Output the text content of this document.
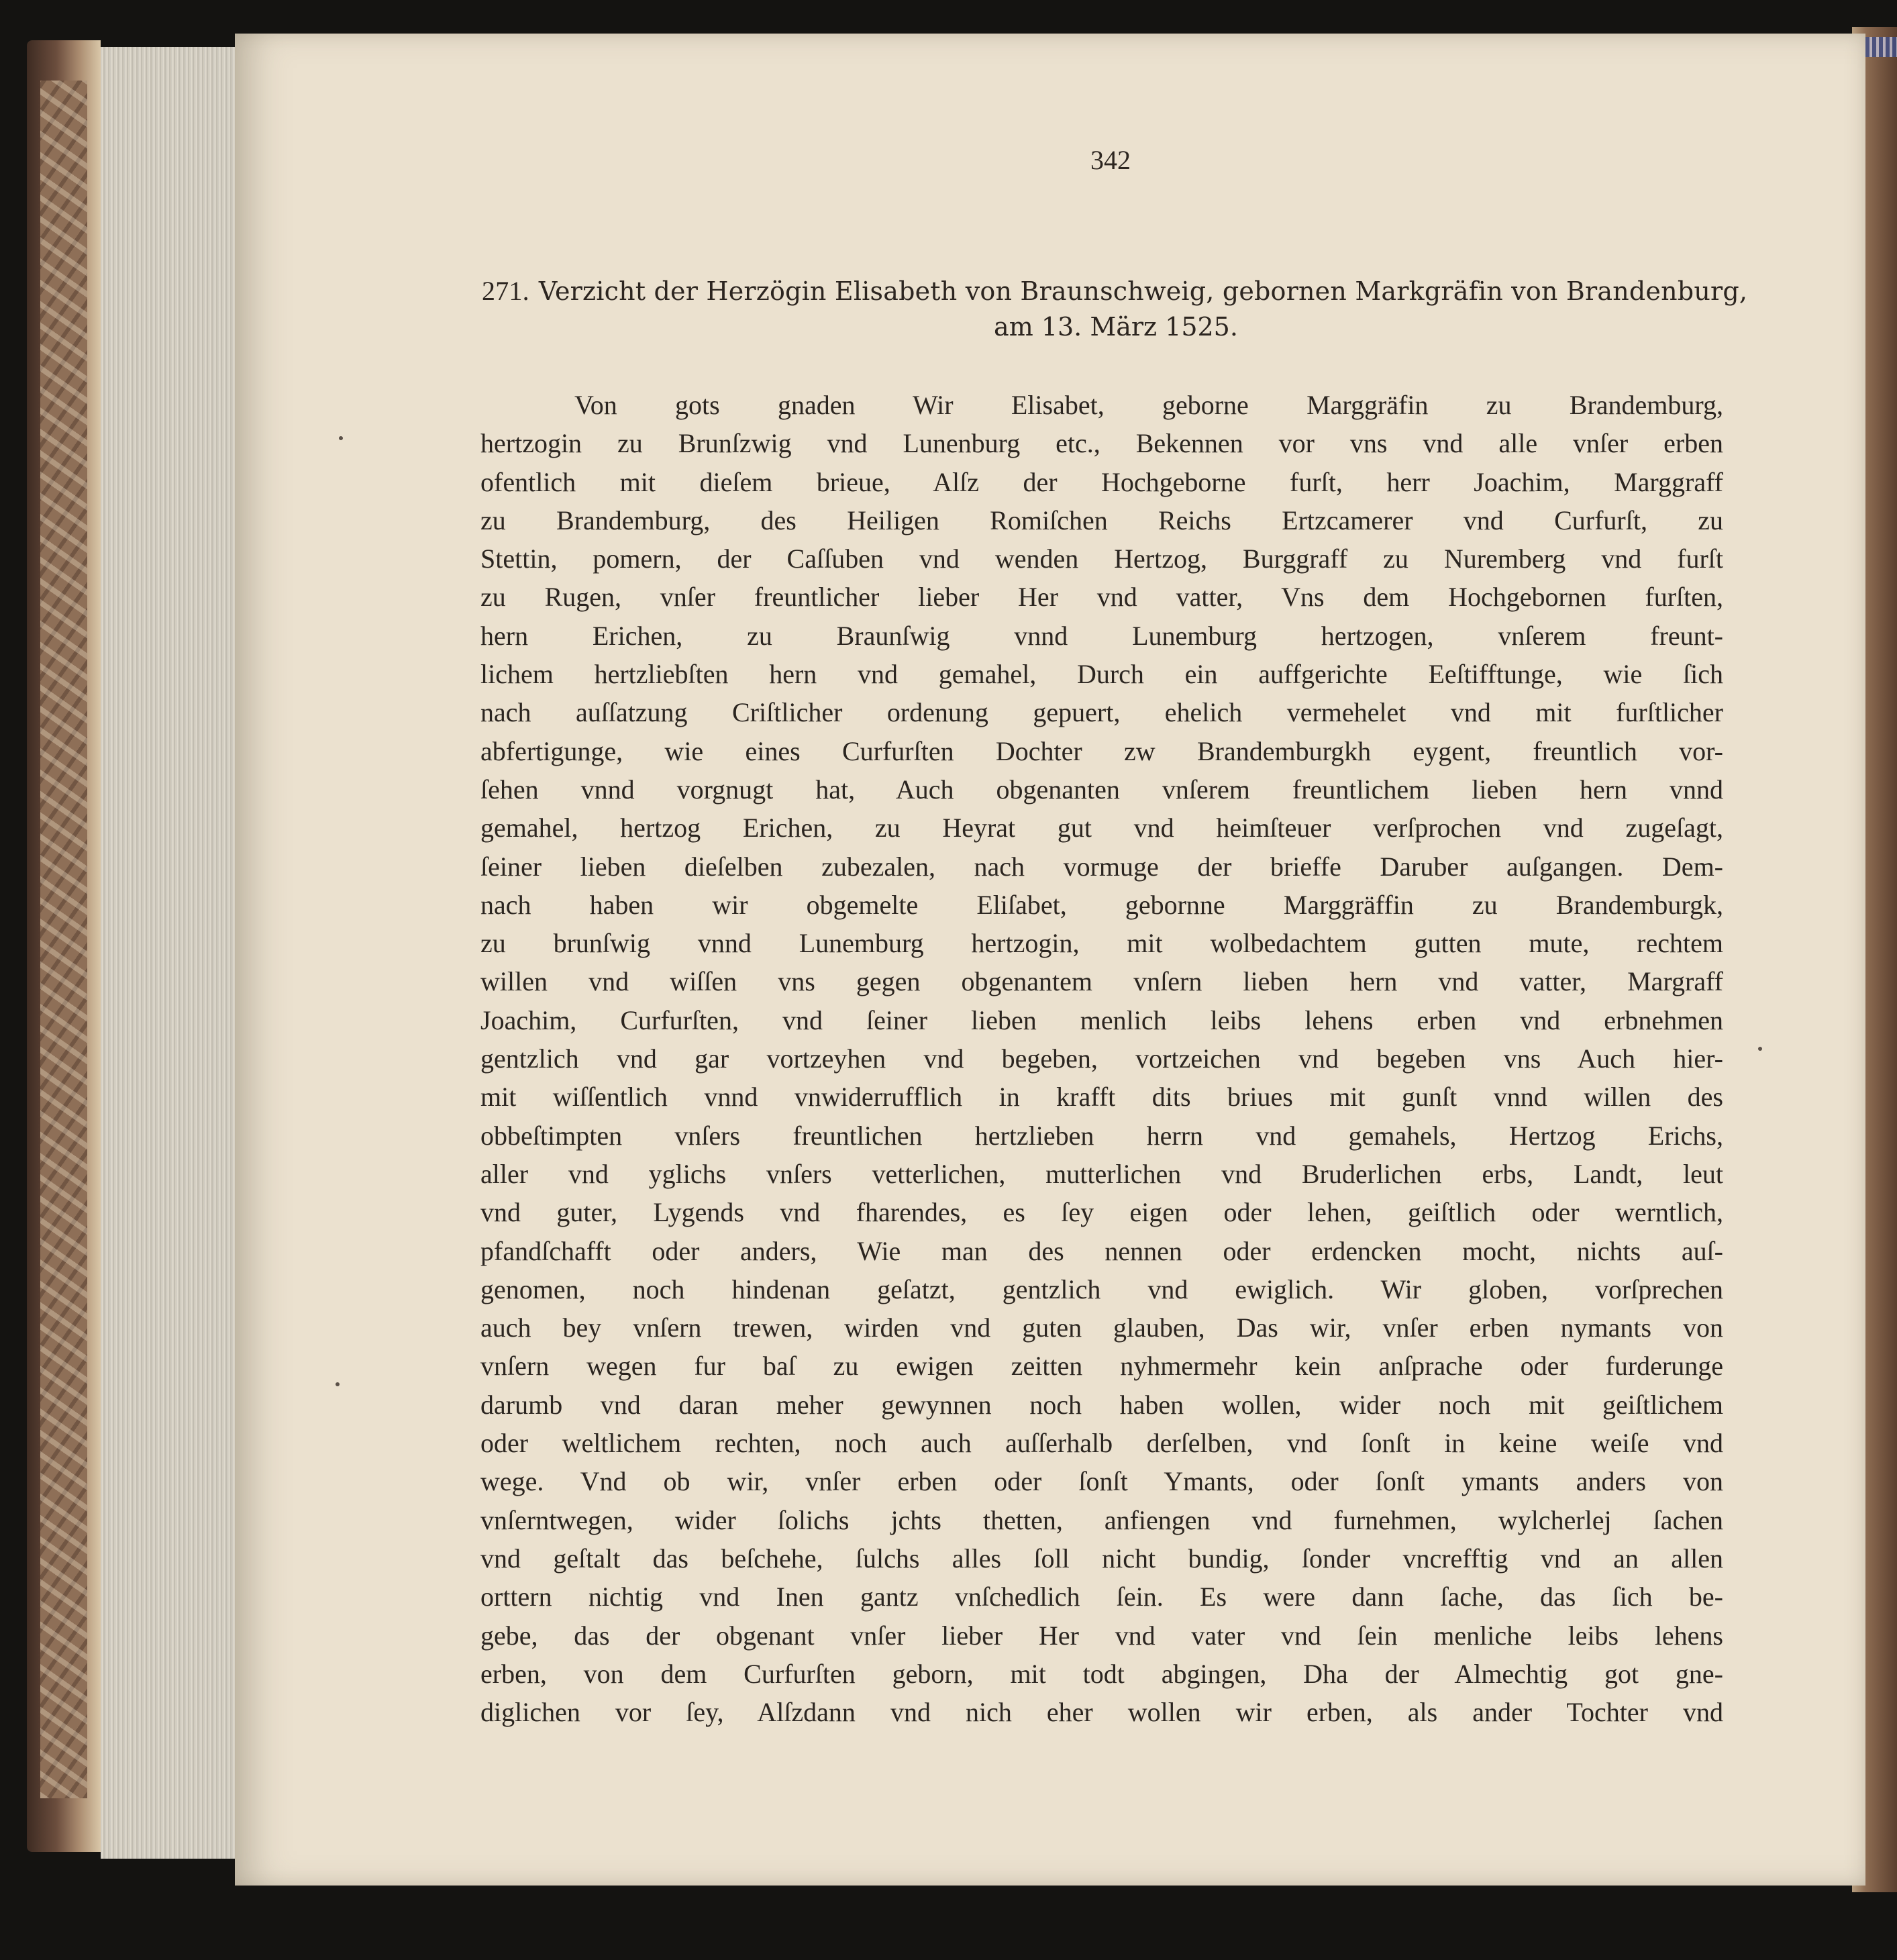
342
271. Verzicht der Herzögin Elisabeth von Braunschweig, gebornen Markgräfin von Brandenburg,
am 13. März 1525.
Von gots gnaden Wir Elisabet, geborne Marggräfin zu Brandemburg,
hertzogin zu Brunſzwig vnd Lunenburg etc., Bekennen vor vns vnd alle vnſer erben
ofentlich mit dieſem brieue, Alſz der Hochgeborne furſt, herr Joachim, Marggraff
zu Brandemburg, des Heiligen Romiſchen Reichs Ertzcamerer vnd Curfurſt, zu
Stettin, pomern, der Caſſuben vnd wenden Hertzog, Burggraff zu Nuremberg vnd furſt
zu Rugen, vnſer freuntlicher lieber Her vnd vatter, Vns dem Hochgebornen furſten,
hern Erichen, zu Braunſwig vnnd Lunemburg hertzogen, vnſerem freunt-
lichem hertzliebſten hern vnd gemahel, Durch ein auffgerichte Eeſtifftunge, wie ſich
nach auſſatzung Criſtlicher ordenung gepuert, ehelich vermehelet vnd mit furſtlicher
abfertigunge, wie eines Curfurſten Dochter zw Brandemburgkh eygent, freuntlich vor-
ſehen vnnd vorgnugt hat, Auch obgenanten vnſerem freuntlichem lieben hern vnnd
gemahel, hertzog Erichen, zu Heyrat gut vnd heimſteuer verſprochen vnd zugeſagt,
ſeiner lieben dieſelben zubezalen, nach vormuge der brieffe Daruber auſgangen. Dem-
nach haben wir obgemelte Eliſabet, gebornne Marggräffin zu Brandemburgk,
zu brunſwig vnnd Lunemburg hertzogin, mit wolbedachtem gutten mute, rechtem
willen vnd wiſſen vns gegen obgenantem vnſern lieben hern vnd vatter, Margraff
Joachim, Curfurſten, vnd ſeiner lieben menlich leibs lehens erben vnd erbnehmen
gentzlich vnd gar vortzeyhen vnd begeben, vortzeichen vnd begeben vns Auch hier-
mit wiſſentlich vnnd vnwiderrufflich in krafft dits briues mit gunſt vnnd willen des
obbeſtimpten vnſers freuntlichen hertzlieben herrn vnd gemahels, Hertzog Erichs,
aller vnd yglichs vnſers vetterlichen, mutterlichen vnd Bruderlichen erbs, Landt, leut
vnd guter, Lygends vnd fharendes, es ſey eigen oder lehen, geiſtlich oder werntlich,
pfandſchafft oder anders, Wie man des nennen oder erdencken mocht, nichts auſ-
genomen, noch hindenan geſatzt, gentzlich vnd ewiglich. Wir globen, vorſprechen
auch bey vnſern trewen, wirden vnd guten glauben, Das wir, vnſer erben nymants von
vnſern wegen fur baſ zu ewigen zeitten nyhmermehr kein anſprache oder furderunge
darumb vnd daran meher gewynnen noch haben wollen, wider noch mit geiſtlichem
oder weltlichem rechten, noch auch auſſerhalb derſelben, vnd ſonſt in keine weiſe vnd
wege. Vnd ob wir, vnſer erben oder ſonſt Ymants, oder ſonſt ymants anders von
vnſerntwegen, wider ſolichs jchts thetten, anfiengen vnd furnehmen, wylcherlej ſachen
vnd geſtalt das beſchehe, ſulchs alles ſoll nicht bundig, ſonder vncrefftig vnd an allen
orttern nichtig vnd Inen gantz vnſchedlich ſein. Es were dann ſache, das ſich be-
gebe, das der obgenant vnſer lieber Her vnd vater vnd ſein menliche leibs lehens
erben, von dem Curfurſten geborn, mit todt abgingen, Dha der Almechtig got gne-
diglichen vor ſey, Alſzdann vnd nich eher wollen wir erben, als ander Tochter vnd
